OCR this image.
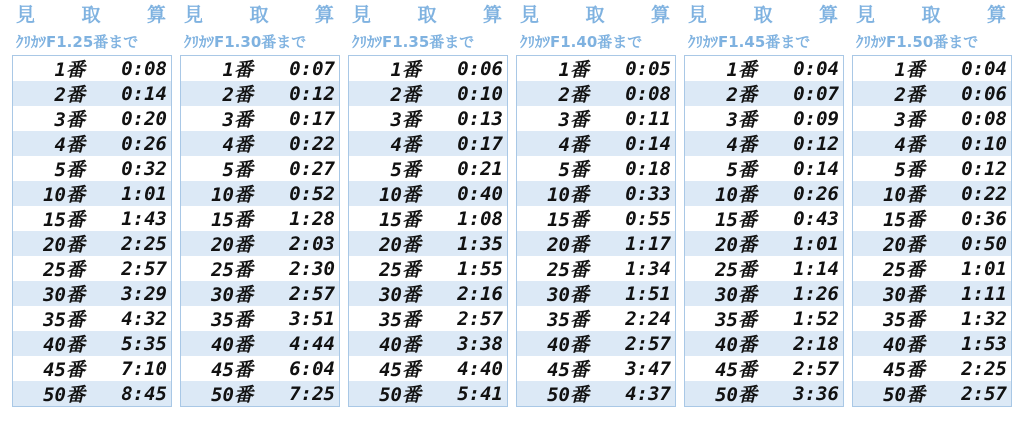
見 取 算
ｸﾘｶﾂF1.25番まで
1番	0:08
2番	0:14
3番	0:20
4番	0:26
5番	0:32
10番	1:01
15番	1:43
20番	2:25
25番	2:57
30番	3:29
35番	4:32
40番	5:35
45番	7:10
50番	8:45
見 取 算
ｸﾘｶﾂF1.30番まで
1番	0:07
2番	0:12
3番	0:17
4番	0:22
5番	0:27
10番	0:52
15番	1:28
20番	2:03
25番	2:30
30番	2:57
35番	3:51
40番	4:44
45番	6:04
50番	7:25
見 取 算
ｸﾘｶﾂF1.35番まで
1番	0:06
2番	0:10
3番	0:13
4番	0:17
5番	0:21
10番	0:40
15番	1:08
20番	1:35
25番	1:55
30番	2:16
35番	2:57
40番	3:38
45番	4:40
50番	5:41
見 取 算
ｸﾘｶﾂF1.40番まで
1番	0:05
2番	0:08
3番	0:11
4番	0:14
5番	0:18
10番	0:33
15番	0:55
20番	1:17
25番	1:34
30番	1:51
35番	2:24
40番	2:57
45番	3:47
50番	4:37
見 取 算
ｸﾘｶﾂF1.45番まで
1番	0:04
2番	0:07
3番	0:09
4番	0:12
5番	0:14
10番	0:26
15番	0:43
20番	1:01
25番	1:14
30番	1:26
35番	1:52
40番	2:18
45番	2:57
50番	3:36
見 取 算
ｸﾘｶﾂF1.50番まで
1番	0:04
2番	0:06
3番	0:08
4番	0:10
5番	0:12
10番	0:22
15番	0:36
20番	0:50
25番	1:01
30番	1:11
35番	1:32
40番	1:53
45番	2:25
50番	2:57
